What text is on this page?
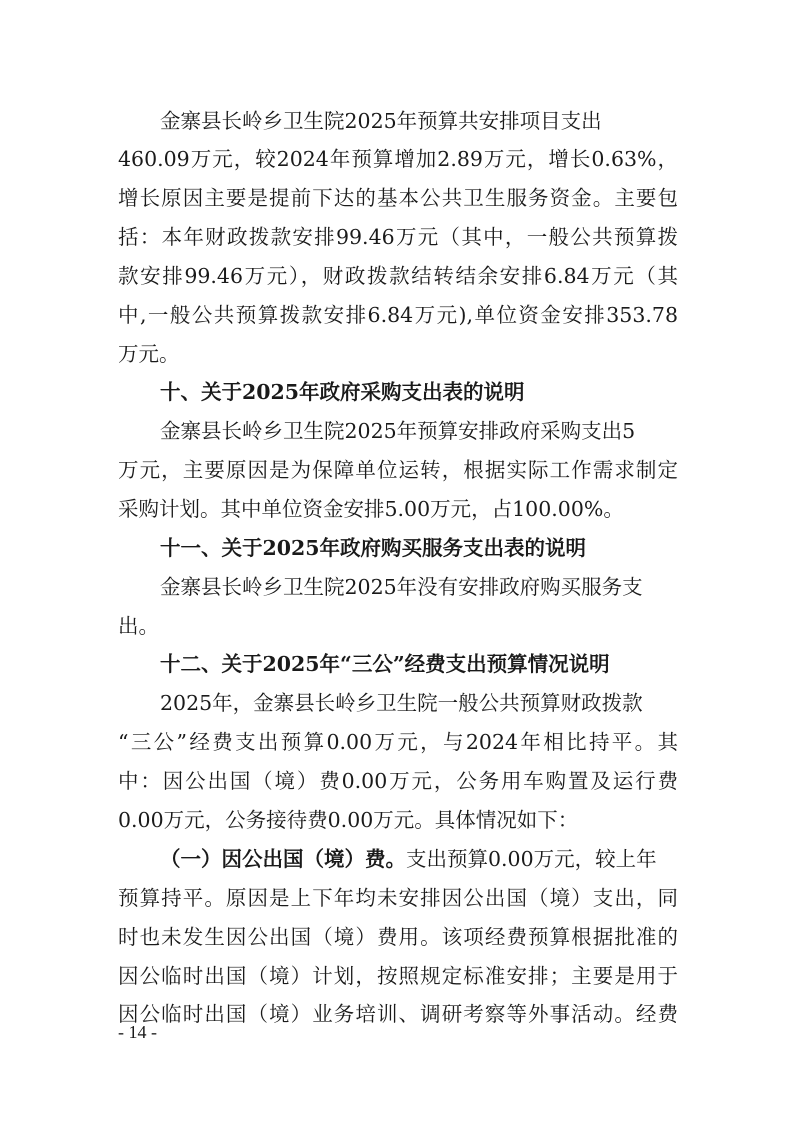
金寨县长岭乡卫生院2025年预算共安排项目支出
460.09万元，较2024年预算增加2.89万元，增长0.63%，
增长原因主要是提前下达的基本公共卫生服务资金。主要包
括：本年财政拨款安排99.46万元（其中，一般公共预算拨
款安排99.46万元），财政拨款结转结余安排6.84万元（其
中,一般公共预算拨款安排6.84万元),单位资金安排353.78
万元。
十、关于2025年政府采购支出表的说明
金寨县长岭乡卫生院2025年预算安排政府采购支出5
万元，主要原因是为保障单位运转，根据实际工作需求制定
采购计划。其中单位资金安排5.00万元，占100.00%。
十一、关于2025年政府购买服务支出表的说明
金寨县长岭乡卫生院2025年没有安排政府购买服务支
出。
十二、关于2025年“三公”经费支出预算情况说明
2025年，金寨县长岭乡卫生院一般公共预算财政拨款
“三公”经费支出预算0.00万元，与2024年相比持平。其
中：因公出国（境）费0.00万元，公务用车购置及运行费
0.00万元，公务接待费0.00万元。具体情况如下：
（一）因公出国（境）费。支出预算0.00万元，较上年
预算持平。原因是上下年均未安排因公出国（境）支出，同
时也未发生因公出国（境）费用。该项经费预算根据批准的
因公临时出国（境）计划，按照规定标准安排；主要是用于
因公临时出国（境）业务培训、调研考察等外事活动。经费
- 14 -
